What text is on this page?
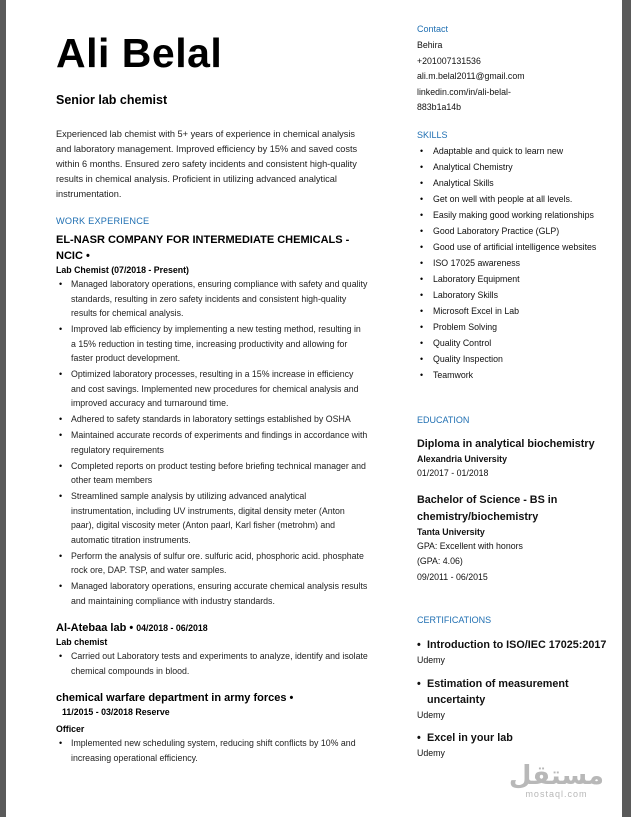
Ali Belal
Senior lab chemist
Experienced lab chemist with 5+ years of experience in chemical analysis and laboratory management. Improved efficiency by 15% and saved costs within 6 months. Ensured zero safety incidents and consistent high-quality results in chemical analysis. Proficient in utilizing advanced analytical instrumentation.
WORK EXPERIENCE
EL-NASR COMPANY FOR INTERMEDIATE CHEMICALS - NCIC •
Lab Chemist (07/2018 - Present)
• Managed laboratory operations, ensuring compliance with safety and quality standards, resulting in zero safety incidents and consistent high-quality results for chemical analysis.
• Improved lab efficiency by implementing a new testing method, resulting in a 15% reduction in testing time, increasing productivity and allowing for faster product development.
• Optimized laboratory processes, resulting in a 15% increase in efficiency and cost savings. Implemented new procedures for chemical analysis and improved accuracy and turnaround time.
• Adhered to safety standards in laboratory settings established by OSHA
• Maintained accurate records of experiments and findings in accordance with regulatory requirements
• Completed reports on product testing before briefing technical manager and other team members
• Streamlined sample analysis by utilizing advanced analytical instrumentation, including UV instruments, digital density meter (Anton paar), digital viscosity meter (Anton paarl, Karl fisher (metrohm) and automatic titration instruments.
• Perform the analysis of sulfur ore. sulfuric acid, phosphoric acid. phosphate rock ore, DAP. TSP, and water samples.
• Managed laboratory operations, ensuring accurate chemical analysis results and maintaining compliance with industry standards.
Al-Atebaa lab • 04/2018 - 06/2018
Lab chemist
• Carried out Laboratory tests and experiments to analyze, identify and isolate chemical compounds in blood.
chemical warfare department in army forces •
11/2015 - 03/2018 Reserve
Officer
• Implemented new scheduling system, reducing shift conflicts by 10% and increasing operational efficiency.
Contact
Behira
+201007131536
ali.m.belal2011@gmail.com
linkedin.com/in/ali-belal-
883b1a14b
SKILLS
• Adaptable and quick to learn new
• Analytical Chemistry
• Analytical Skills
• Get on well with people at all levels.
• Easily making good working relationships
• Good Laboratory Practice (GLP)
• Good use of artificial intelligence websites
• ISO 17025 awareness
• Laboratory Equipment
• Laboratory Skills
• Microsoft Excel in Lab
• Problem Solving
• Quality Control
• Quality Inspection
• Teamwork
EDUCATION
Diploma in analytical biochemistry
Alexandria University
01/2017 - 01/2018
Bachelor of Science - BS in chemistry/biochemistry
Tanta University
GPA: Excellent with honors
(GPA: 4.06)
09/2011 - 06/2015
CERTIFICATIONS
• Introduction to ISO/IEC 17025:2017
Udemy
• Estimation of measurement uncertainty
Udemy
• Excel in your lab
Udemy
مستقل
mostaql.com
